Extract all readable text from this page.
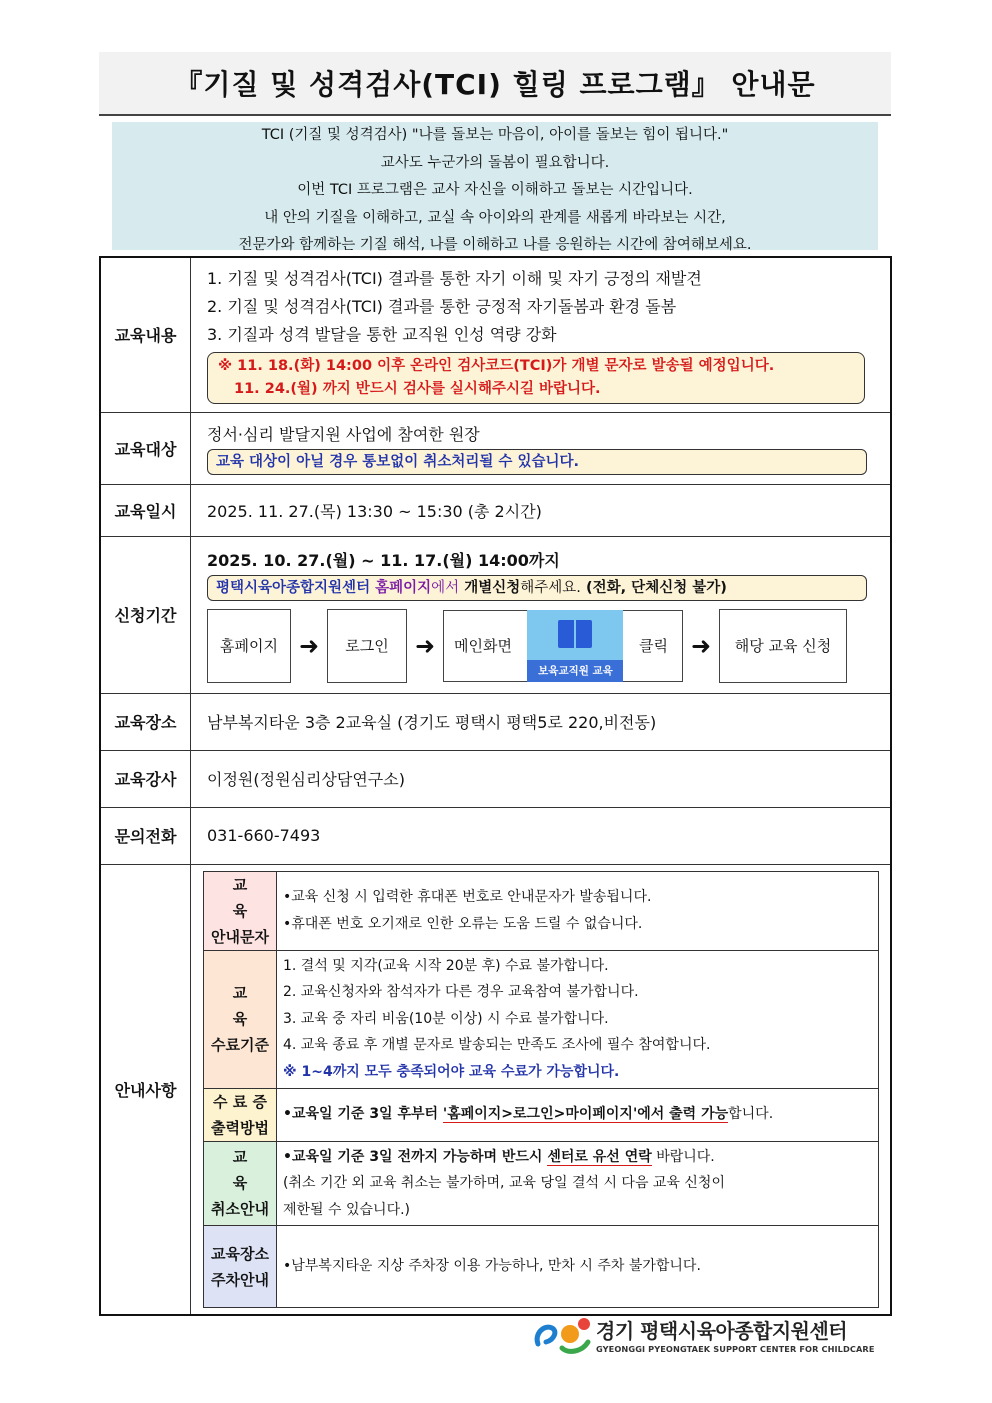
『기질 및 성격검사(TCI) 힐링 프로그램』 안내문
TCI (기질 및 성격검사) "나를 돌보는 마음이, 아이를 돌보는 힘이 됩니다."
교사도 누군가의 돌봄이 필요합니다.
이번 TCI 프로그램은 교사 자신을 이해하고 돌보는 시간입니다.
내 안의 기질을 이해하고, 교실 속 아이와의 관계를 새롭게 바라보는 시간,
전문가와 함께하는 기질 해석, 나를 이해하고 나를 응원하는 시간에 참여해보세요.
교육내용	
1. 기질 및 성격검사(TCI) 결과를 통한 자기 이해 및 자기 긍정의 재발견
2. 기질 및 성격검사(TCI) 결과를 통한 긍정적 자기돌봄과 환경 돌봄
3. 기질과 성격 발달을 통한 교직원 인성 역량 강화
※ 11. 18.(화) 14:00 이후 온라인 검사코드(TCI)가 개별 문자로 발송될 예정입니다.
11. 24.(월) 까지 반드시 검사를 실시해주시길 바랍니다.

교육대상	
정서·심리 발달지원 사업에 참여한 원장
교육 대상이 아닐 경우 통보없이 취소처리될 수 있습니다.

교육일시	2025. 11. 27.(목) 13:30 ~ 15:30 (총 2시간)
신청기간	
2025. 10. 27.(월) ~ 11. 17.(월) 14:00까지
평택시육아종합지원센터 홈페이지에서 개별신청해주세요. (전화, 단체신청 불가)
홈페이지 ➜	로그인	➜	메인화면
보육교직원 교육
클릭 ➜	해당 교육 신청

교육장소	남부복지타운 3층 2교육실 (경기도 평택시 평택5로 220,비전동)
교육강사	이정원(정원심리상담연구소)
문의전화	031-660-7493
안내사항	
교 육
안내문자

•교육 신청 시 입력한 휴대폰 번호로 안내문자가 발송됩니다.
•휴대폰 번호 오기재로 인한 오류는 도움 드릴 수 없습니다.

교 육
수료기준

1. 결석 및 지각(교육 시작 20분 후) 수료 불가합니다.
2. 교육신청자와 참석자가 다른 경우 교육참여 불가합니다.
3. 교육 중 자리 비움(10분 이상) 시 수료 불가합니다.
4. 교육 종료 후 개별 문자로 발송되는 만족도 조사에 필수 참여합니다.
※ 1~4까지 모두 충족되어야 교육 수료가 가능합니다.

수 료 증
출력방법

•교육일 기준 3일 후부터 '홈페이지>로그인>마이페이지'에서 출력 가능합니다.

교 육
취소안내

•교육일 기준 3일 전까지 가능하며 반드시 센터로 유선 연락 바랍니다.
(취소 기간 외 교육 취소는 불가하며, 교육 당일 결석 시 다음 교육 신청이
제한될 수 있습니다.)

교육장소
주차안내

•남부복지타운 지상 주차장 이용 가능하나, 만차 시 주차 불가합니다.
경기 평택시육아종합지원센터
GYEONGGI PYEONGTAEK SUPPORT CENTER FOR CHILDCARE
